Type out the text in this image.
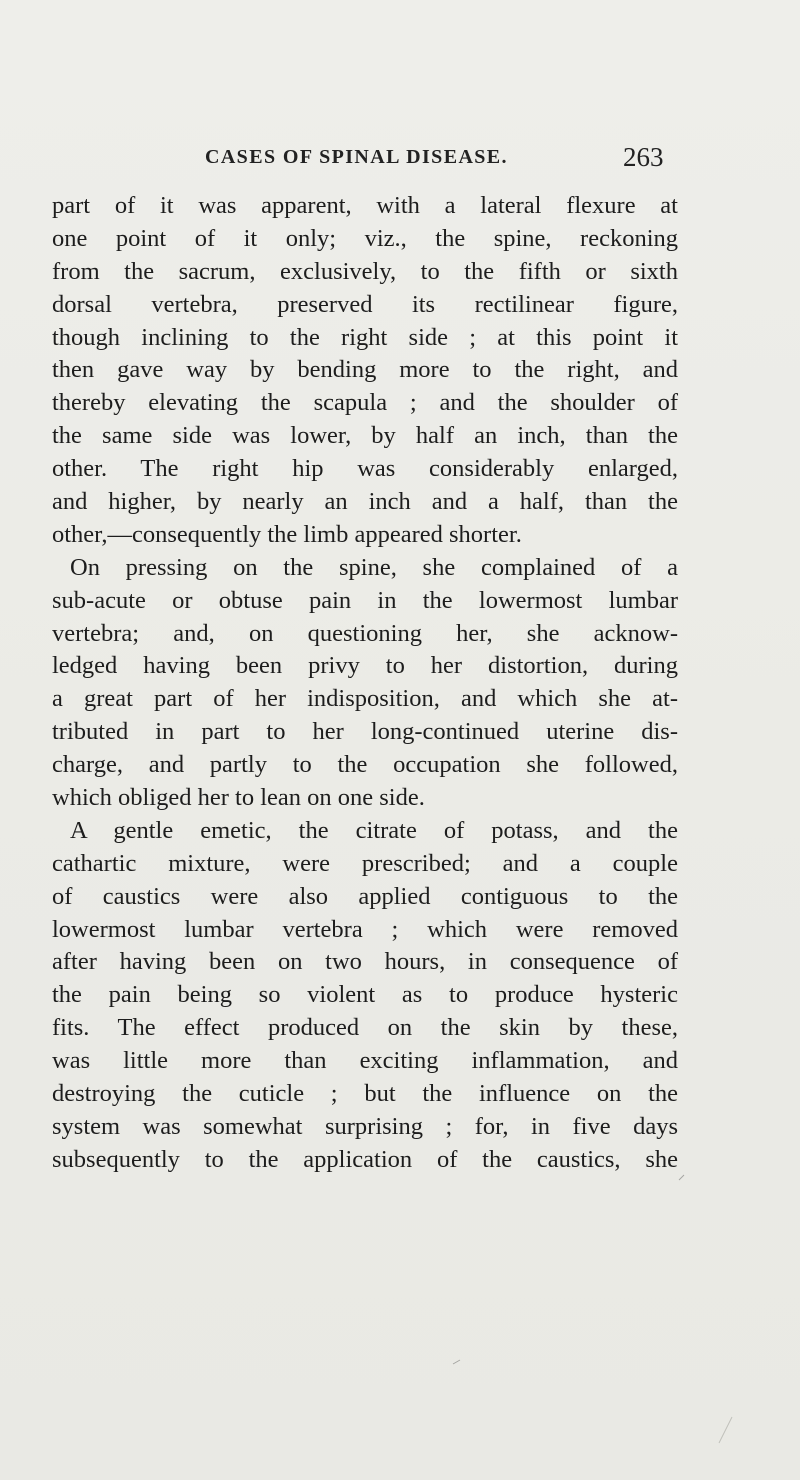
CASES OF SPINAL DISEASE.	263
part of it was apparent, with a lateral flexure at
one point of it only; viz., the spine, reckoning
from the sacrum, exclusively, to the fifth or sixth
dorsal vertebra, preserved its rectilinear figure,
though inclining to the right side ; at this point it
then gave way by bending more to the right, and
thereby elevating the scapula ; and the shoulder of
the same side was lower, by half an inch, than the
other. The right hip was considerably enlarged,
and higher, by nearly an inch and a half, than the
other,—consequently the limb appeared shorter.
On pressing on the spine, she complained of a
sub-acute or obtuse pain in the lowermost lumbar
vertebra; and, on questioning her, she acknow-
ledged having been privy to her distortion, during
a great part of her indisposition, and which she at-
tributed in part to her long-continued uterine dis-
charge, and partly to the occupation she followed,
which obliged her to lean on one side.
A gentle emetic, the citrate of potass, and the
cathartic mixture, were prescribed; and a couple
of caustics were also applied contiguous to the
lowermost lumbar vertebra ; which were removed
after having been on two hours, in consequence of
the pain being so violent as to produce hysteric
fits. The effect produced on the skin by these,
was little more than exciting inflammation, and
destroying the cuticle ; but the influence on the
system was somewhat surprising ; for, in five days
subsequently to the application of the caustics, she
